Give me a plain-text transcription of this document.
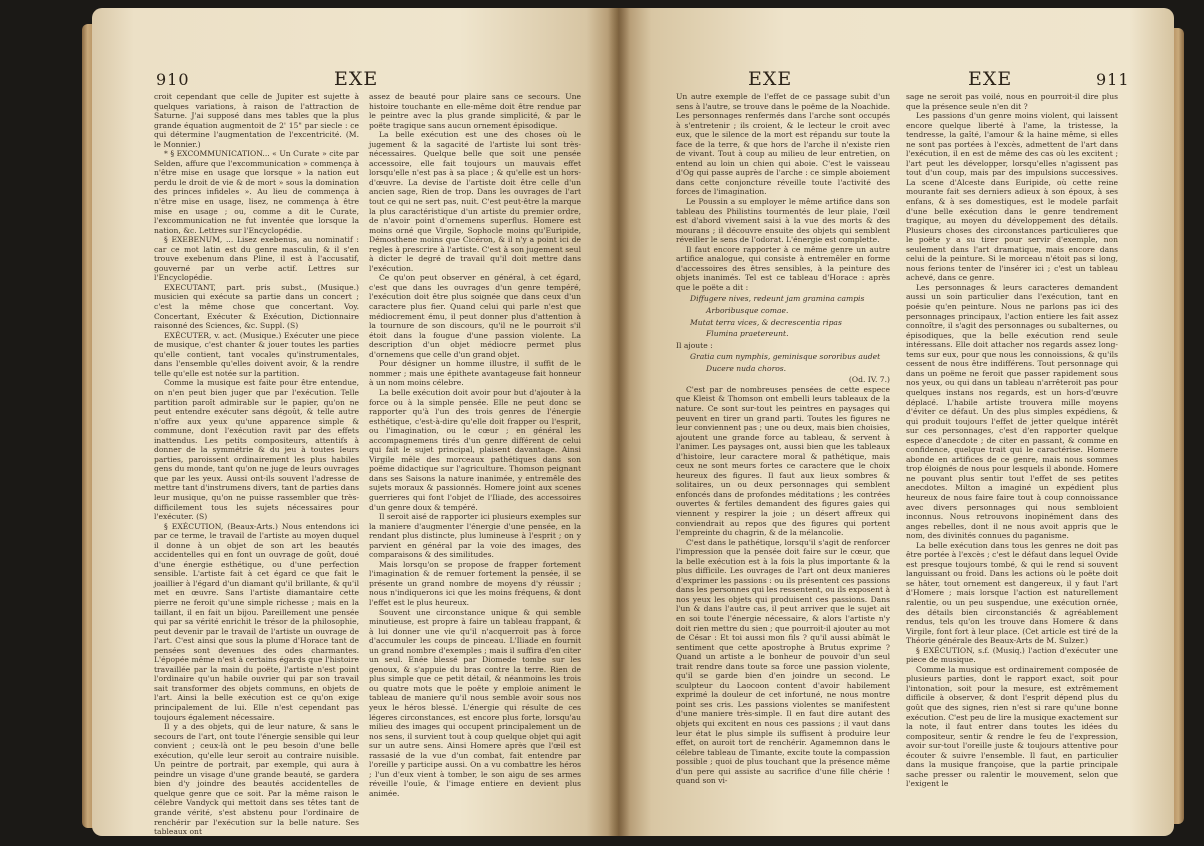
910	EXE

croit cependant que celle de Jupiter est sujette à quelques variations, à raison de l'attraction de Saturne. J'ai supposé dans mes tables que la plus grande équation augmentoit de 2' 15" par siecle : ce qui détermine l'augmentation de l'excentricité. (M. le Monnier.)

* § EXCOMMUNICATION... « Un Curate » cite par Selden, affure que l'excommunication » commença à n'être mise en usage que lorsque » la nation eut perdu le droit de vie & de mort » sous la domination des princes infideles ». Au lieu de commença à n'être mise en usage, lisez, ne commença à être mise en usage ; ou, comme a dit le Curate, l'excommunication ne fut inventée que lorsque la nation, &c. Lettres sur l'Encyclopédie.

§ EXEBENUM, ... Lisez exebenus, au nominatif : car ce mot latin est du genre masculin, & il s'en trouve exebenum dans Pline, il est à l'accusatif, gouverné par un verbe actif. Lettres sur l'Encyclopédie.

EXECUTANT, part. pris subst., (Musique.) musicien qui exécute sa partie dans un concert ; c'est la même chose que concertant. Voy. Concertant, Exécuter & Exécution, Dictionnaire raisonné des Sciences, &c. Suppl. (S)

EXÉCUTER, v. act. (Musique.) Exécuter une piece de musique, c'est chanter & jouer toutes les parties qu'elle contient, tant vocales qu'instrumentales, dans l'ensemble qu'elles doivent avoir, & la rendre telle qu'elle est notée sur la partition.

Comme la musique est faite pour être entendue, on n'en peut bien juger que par l'exécution. Telle partition paroît admirable sur le papier, qu'on ne peut entendre exécuter sans dégoût, & telle autre n'offre aux yeux qu'une apparence simple & commune, dont l'exécution ravit par des effets inattendus. Les petits compositeurs, attentifs à donner de la symmétrie & du jeu à toutes leurs parties, paroissent ordinairement les plus habiles gens du monde, tant qu'on ne juge de leurs ouvrages que par les yeux. Aussi ont-ils souvent l'adresse de mettre tant d'instrumens divers, tant de parties dans leur musique, qu'on ne puisse rassembler que très-difficilement tous les sujets nécessaires pour l'exécuter. (S)

§ EXÉCUTION, (Beaux-Arts.) Nous entendons ici par ce terme, le travail de l'artiste au moyen duquel il donne à un objet de son art les beautés accidentelles qui en font un ouvrage de goût, doué d'une énergie esthétique, ou d'une perfection sensible. L'artiste fait à cet égard ce que fait le joaillier à l'égard d'un diamant qu'il brillante, & qu'il met en œuvre. Sans l'artiste diamantaire cette pierre ne feroit qu'une simple richesse ; mais en la taillant, il en fait un bijou. Pareillement une pensée qui par sa vérité enrichit le trésor de la philosophie, peut devenir par le travail de l'artiste un ouvrage de l'art. C'est ainsi que sous la plume d'Horace tant de pensées sont devenues des odes charmantes. L'épopée même n'est à certains égards que l'histoire travaillée par la main du poëte, l'artiste n'est point l'ordinaire qu'un habile ouvrier qui par son travail sait transformer des objets communs, en objets de l'art. Ainsi la belle exécution est ce qu'on exige principalement de lui. Elle n'est cependant pas toujours également nécessaire.

Il y a des objets, qui de leur nature, & sans le secours de l'art, ont toute l'énergie sensible qui leur convient ; ceux-là ont le peu besoin d'une belle exécution, qu'elle leur seroit au contraire nuisible. Un peintre de portrait, par exemple, qui aura à peindre un visage d'une grande beauté, se gardera bien d'y joindre des beautés accidentelles de quelque genre que ce soit. Par la même raison le célebre Vandyck qui mettoit dans ses têtes tant de grande vérité, s'est abstenu pour l'ordinaire de renchérir par l'exécution sur la belle nature. Ses tableaux ont

assez de beauté pour plaire sans ce secours. Une histoire touchante en elle-même doit être rendue par le peintre avec la plus grande simplicité, & par le poëte tragique sans aucun ornement épisodique.

La belle exécution est une des choses où le jugement & la sagacité de l'artiste lui sont très-nécessaires. Quelque belle que soit une pensée accessoire, elle fait toujours un mauvais effet lorsqu'elle n'est pas à sa place ; & qu'elle est un hors-d'œuvre. La devise de l'artiste doit être celle d'un ancien sage, Rien de trop. Dans les ouvrages de l'art tout ce qui ne sert pas, nuit. C'est peut-être la marque la plus caractéristique d'un artiste du premier ordre, de n'avoir point d'ornemens superflus. Homere est moins orné que Virgile, Sophocle moins qu'Euripide, Démosthene moins que Cicéron, & il n'y a point ici de regles à prescrire à l'artiste. C'est à son jugement seul à dicter le degré de travail qu'il doit mettre dans l'exécution.

Ce qu'on peut observer en général, à cet égard, c'est que dans les ouvrages d'un genre tempéré, l'exécution doit être plus soignée que dans ceux d'un caractere plus fier. Quand celui qui parle n'est que médiocrement ému, il peut donner plus d'attention à la tournure de son discours, qu'il ne le pourroit s'il étoit dans la fougue d'une passion violente. La description d'un objet médiocre permet plus d'ornemens que celle d'un grand objet.

Pour désigner un homme illustre, il suffit de le nommer ; mais une épithete avantageuse fait honneur à un nom moins célebre.

La belle exécution doit avoir pour but d'ajouter à la force ou à la simple pensée. Elle ne peut donc se rapporter qu'à l'un des trois genres de l'énergie esthétique, c'est-à-dire qu'elle doit frapper ou l'esprit, ou l'imagination, ou le cœur ; en général les accompagnemens tirés d'un genre différent de celui qui fait le sujet principal, plaisent davantage. Ainsi Virgile mêle des morceaux pathétiques dans son poëme didactique sur l'agriculture. Thomson peignant dans ses Saisons la nature inanimée, y entremêle des sujets moraux & passionnés. Homere joint aux scenes guerrieres qui font l'objet de l'Iliade, des accessoires d'un genre doux & tempéré.

Il seroit aisé de rapporter ici plusieurs exemples sur la maniere d'augmenter l'énergie d'une pensée, en la rendant plus distincte, plus lumineuse à l'esprit ; on y parvient en général par la voie des images, des comparaisons & des similitudes.

Mais lorsqu'on se propose de frapper fortement l'imagination & de remuer fortement la pensée, il se présente un grand nombre de moyens d'y réussir ; nous n'indiquerons ici que les moins fréquens, & dont l'effet est le plus heureux.

Souvent une circonstance unique & qui semble minutieuse, est propre à faire un tableau frappant, & à lui donner une vie qu'il n'acquerroit pas à force d'accumuler les coups de pinceau. L'Iliade en fournit un grand nombre d'exemples ; mais il suffira d'en citer un seul. Enée blessé par Diomede tombe sur les genoux, & s'appuie du bras contre la terre. Rien de plus simple que ce petit détail, & néanmoins les trois ou quatre mots que le poëte y emploie animent le tableau de maniere qu'il nous semble avoir sous nos yeux le héros blessé. L'énergie qui résulte de ces légeres circonstances, est encore plus forte, lorsqu'au milieu des images qui occupent principalement un de nos sens, il survient tout à coup quelque objet qui agit sur un autre sens. Ainsi Homere après que l'œil est rassasié de la vue d'un combat, fait entendre par l'oreille y participe aussi. On a vu combattre les héros ; l'un d'eux vient à tomber, le son aigu de ses armes réveille l'ouïe, & l'image entiere en devient plus animée.

EXE	EXE	911

Un autre exemple de l'effet de ce passage subit d'un sens à l'autre, se trouve dans le poëme de la Noachide. Les personnages renfermés dans l'arche sont occupés à s'entretenir ; ils croient, & le lecteur le croit avec eux, que le silence de la mort est répandu sur toute la face de la terre, & que hors de l'arche il n'existe rien de vivant. Tout à coup au milieu de leur entretien, on entend au loin un chien qui aboie. C'est le vaisseau d'Og qui passe auprès de l'arche : ce simple aboiement dans cette conjoncture réveille toute l'activité des forces de l'imagination.

Le Poussin a su employer le même artifice dans son tableau des Philistins tourmentés de leur plaie, l'œil est d'abord vivement saisi à la vue des morts & des mourans ; il découvre ensuite des objets qui semblent réveiller le sens de l'odorat. L'énergie est complette.

Il faut encore rapporter à ce même genre un autre artifice analogue, qui consiste à entremêler en forme d'accessoires des êtres sensibles, à la peinture des objets inanimés. Tel est ce tableau d'Horace : après que le poëte a dit :

Diffugere nives, redeunt jam gramina campis

Arboribusque comae.

Mutat terra vices, & decrescentia ripas

Flumina praetereunt.

Il ajoute :

Gratia cum nymphis, geminisque sororibus audet

Ducere nuda choros.

(Od. IV. 7.)

C'est par de nombreuses pensées de cette espece que Kleist & Thomson ont embelli leurs tableaux de la nature. Ce sont sur-tout les peintres en paysages qui peuvent en tirer un grand parti. Toutes les figures ne leur conviennent pas ; une ou deux, mais bien choisies, ajoutent une grande force au tableau, & servent à l'animer. Les paysages ont, aussi bien que les tableaux d'histoire, leur caractere moral & pathétique, mais ceux ne sont meurs fortes ce caractere que le choix heureux des figures. Il faut aux lieux sombres & solitaires, un ou deux personnages qui semblent enfoncés dans de profondes méditations ; les contrées ouvertes & fertiles demandent des figures gaies qui viennent y respirer la joie ; un désert affreux qui conviendrait au repos que des figures qui portent l'empreinte du chagrin, & de la mélancolie.

C'est dans le pathétique, lorsqu'il s'agit de renforcer l'impression que la pensée doit faire sur le cœur, que la belle exécution est à la fois la plus importante & la plus difficile. Les ouvrages de l'art ont deux manieres d'exprimer les passions : ou ils présentent ces passions dans les personnes qui les ressentent, ou ils exposent à nos yeux les objets qui produisent ces passions. Dans l'un & dans l'autre cas, il peut arriver que le sujet ait en soi toute l'énergie nécessaire, & alors l'artiste n'y doit rien mettre du sien ; que pourroit-il ajouter au mot de César : Et toi aussi mon fils ? qu'il aussi abîmât le sentiment que cette apostrophe à Brutus exprime ? Quand un artiste a le bonheur de pouvoir d'un seul trait rendre dans toute sa force une passion violente, qu'il se garde bien d'en joindre un second. Le sculpteur du Laocoon content d'avoir habilement exprimé la douleur de cet infortuné, ne nous montre point ses cris. Les passions violentes se manifestent d'une maniere très-simple. Il en faut dire autant des objets qui excitent en nous ces passions ; il vaut dans leur état le plus simple ils suffisent à produire leur effet, on auroit tort de renchérir. Agamemnon dans le célebre tableau de Timante, excite toute la compassion possible ; quoi de plus touchant que la présence même d'un pere qui assiste au sacrifice d'une fille chérie ! quand son vi-

sage ne seroit pas voilé, nous en pourroit-il dire plus que la présence seule n'en dit ?

Les passions d'un genre moins violent, qui laissent encore quelque liberté à l'ame, la tristesse, la tendresse, la gaîté, l'amour & la haine même, si elles ne sont pas portées à l'excès, admettent de l'art dans l'exécution, il en est de même des cas où les excitent ; l'art peut les développer, lorsqu'elles n'agissent pas tout d'un coup, mais par des impulsions successives. La scene d'Alceste dans Euripide, où cette reine mourante fait ses derniers adieux à son époux, à ses enfans, & à ses domestiques, est le modele parfait d'une belle exécution dans le genre tendrement tragique, au moyen du développement des détails. Plusieurs choses des circonstances particulieres que le poëte y a su tirer pour servir d'exemple, non seulement dans l'art dramatique, mais encore dans celui de la peinture. Si le morceau n'étoit pas si long, nous ferions tenter de l'insérer ici ; c'est un tableau achevé, dans ce genre.

Les personnages & leurs caracteres demandent aussi un soin particulier dans l'exécution, tant en poésie qu'en peinture. Nous ne parlons pas ici des personnages principaux, l'action entiere les fait assez connoître, il s'agit des personnages ou subalternes, ou épisodiques, que la belle exécution rend seule intéressans. Elle doit attacher nos regards assez long-tems sur eux, pour que nous les connoissions, & qu'ils cessent de nous être indifférens. Tout personnage qui dans un poëme ne feroit que passer rapidement sous nos yeux, ou qui dans un tableau n'arrêteroit pas pour quelques instans nos regards, est un hors-d'œuvre déplacé. L'habile artiste trouvera mille moyens d'éviter ce défaut. Un des plus simples expédiens, & qui produit toujours l'effet de jetter quelque intérêt sur ces personnages, c'est d'en rapporter quelque espece d'anecdote ; de citer en passant, & comme en confidence, quelque trait qui le caractérise. Homere abonde en artifices de ce genre, mais nous sommes trop éloignés de nous pour lesquels il abonde. Homere ne pouvant plus sentir tout l'effet de ses petites anecdotes. Milton a imaginé un expédient plus heureux de nous faire faire tout à coup connoissance avec divers personnages qui nous sembloient inconnus. Nous retrouvons inopinément dans des anges rebelles, dont il ne nous avoit appris que le nom, des divinités connues du paganisme.

La belle exécution dans tous les genres ne doit pas être portée à l'excès ; c'est le défaut dans lequel Ovide est presque toujours tombé, & qui le rend si souvent languissant ou froid. Dans les actions où le poëte doit se hâter, tout ornement est dangereux, il y faut l'art d'Homere ; mais lorsque l'action est naturellement ralentie, ou un peu suspendue, une exécution ornée, des détails bien circonstanciés & agréablement rendus, tels qu'on les trouve dans Homere & dans Virgile, font fort à leur place. (Cet article est tiré de la Théorie générale des Beaux-Arts de M. Sulzer.)

§ EXÉCUTION, s.f. (Musiq.) l'action d'exécuter une piece de musique.

Comme la musique est ordinairement composée de plusieurs parties, dont le rapport exact, soit pour l'intonation, soit pour la mesure, est extrêmement difficile à observer, & dont l'esprit dépend plus du goût que des signes, rien n'est si rare qu'une bonne exécution. C'est peu de lire la musique exactement sur la note, il faut entrer dans toutes les idées du compositeur, sentir & rendre le feu de l'expression, avoir sur-tout l'oreille juste & toujours attentive pour écouter & suivre l'ensemble. Il faut, en particulier dans la musique françoise, que la partie principale sache presser ou ralentir le mouvement, selon que l'exigent le
